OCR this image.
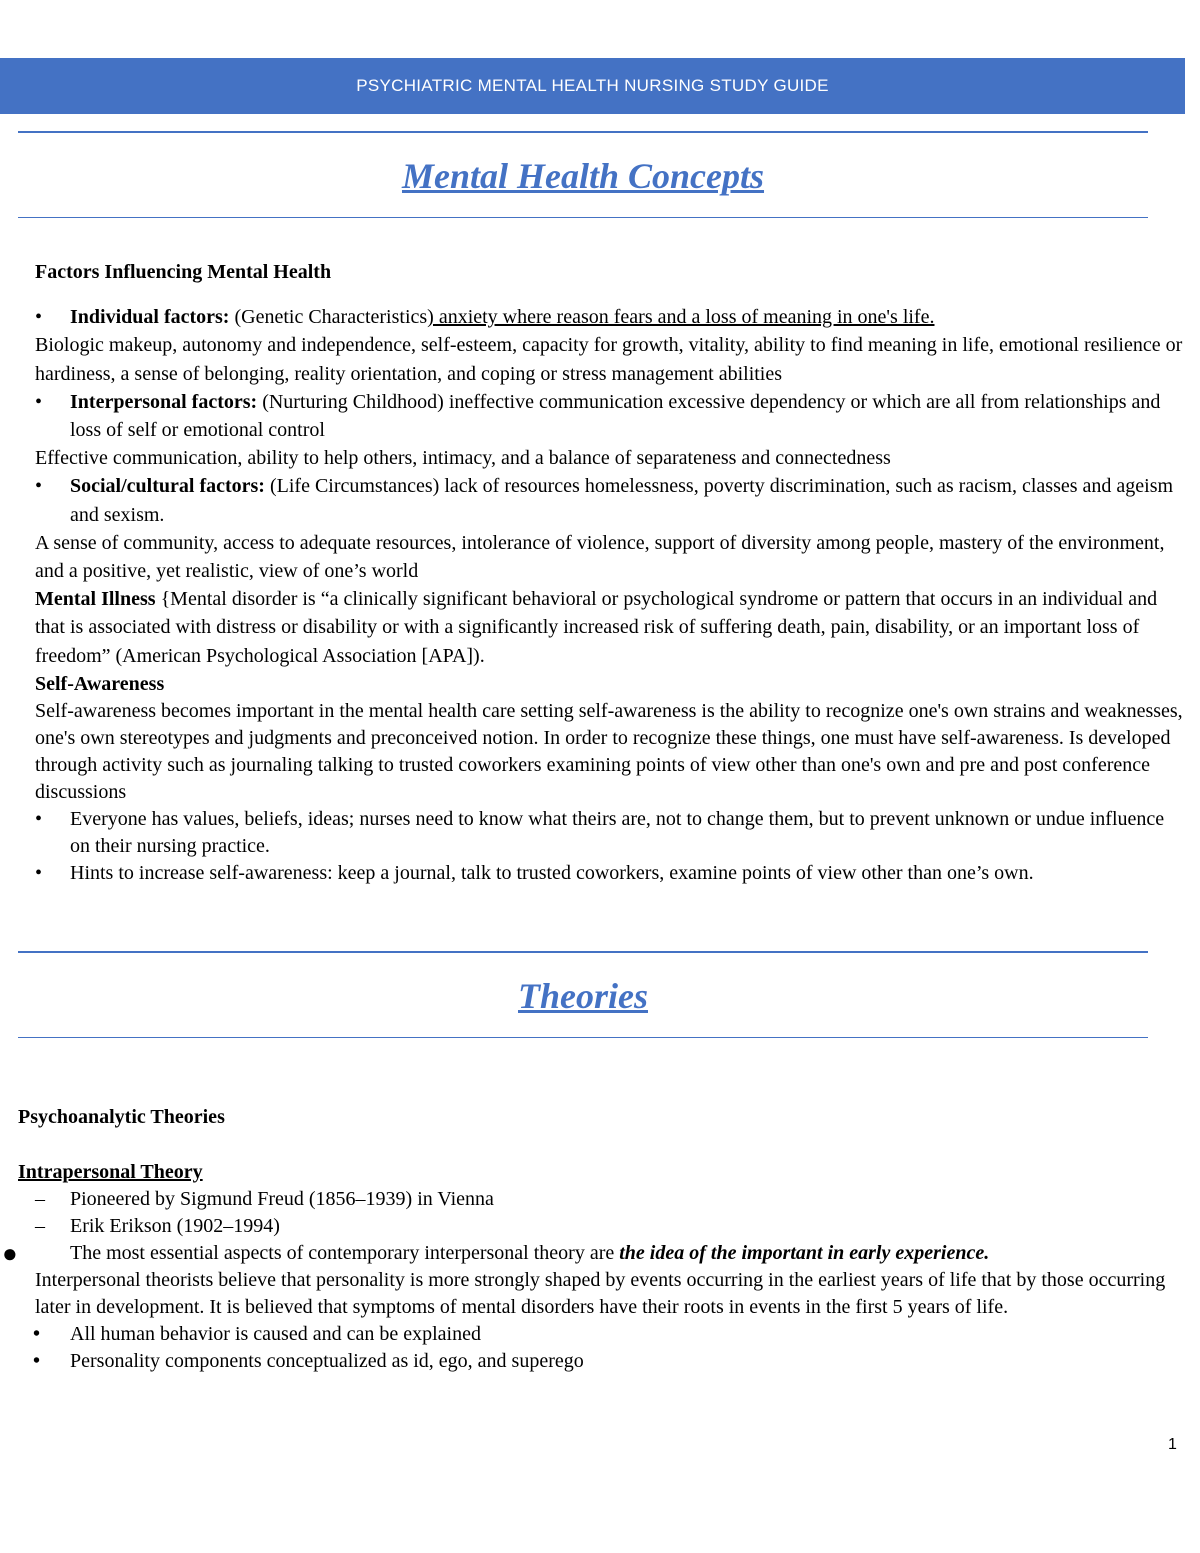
PSYCHIATRIC MENTAL HEALTH NURSING STUDY GUIDE
Mental Health Concepts

Factors Influencing Mental Health

• Individual factors: (Genetic Characteristics) anxiety where reason fears and a loss of meaning in one's life.

Biologic makeup, autonomy and independence, self-esteem, capacity for growth, vitality, ability to find meaning in life, emotional resilience or hardiness, a sense of belonging, reality orientation, and coping or stress management abilities

• Interpersonal factors: (Nurturing Childhood) ineffective communication excessive dependency or which are all from relationships and loss of self or emotional control

Effective communication, ability to help others, intimacy, and a balance of separateness and connectedness

• Social/cultural factors: (Life Circumstances) lack of resources homelessness, poverty discrimination, such as racism, classes and ageism and sexism.

A sense of community, access to adequate resources, intolerance of violence, support of diversity among people, mastery of the environment, and a positive, yet realistic, view of one’s world

Mental Illness {Mental disorder is “a clinically significant behavioral or psychological syndrome or pattern that occurs in an individual and that is associated with distress or disability or with a significantly increased risk of suffering death, pain, disability, or an important loss of freedom” (American Psychological Association [APA]).

Self-Awareness

Self-awareness becomes important in the mental health care setting self-awareness is the ability to recognize one's own strains and weaknesses, one's own stereotypes and judgments and preconceived notion. In order to recognize these things, one must have self-awareness. Is developed through activity such as journaling talking to trusted coworkers examining points of view other than one's own and pre and post conference discussions

• Everyone has values, beliefs, ideas; nurses need to know what theirs are, not to change them, but to prevent unknown or undue influence on their nursing practice.

• Hints to increase self-awareness: keep a journal, talk to trusted coworkers, examine points of view other than one’s own.

Theories

Psychoanalytic Theories

Intrapersonal Theory

– Pioneered by Sigmund Freud (1856–1939) in Vienna

– Erik Erikson (1902–1994)

●	The most essential aspects of contemporary interpersonal theory are the idea of the important in early experience.

Interpersonal theorists believe that personality is more strongly shaped by events occurring in the earliest years of life that by those occurring later in development. It is believed that symptoms of mental disorders have their roots in events in the first 5 years of life.

• All human behavior is caused and can be explained

• Personality components conceptualized as id, ego, and superego

1
